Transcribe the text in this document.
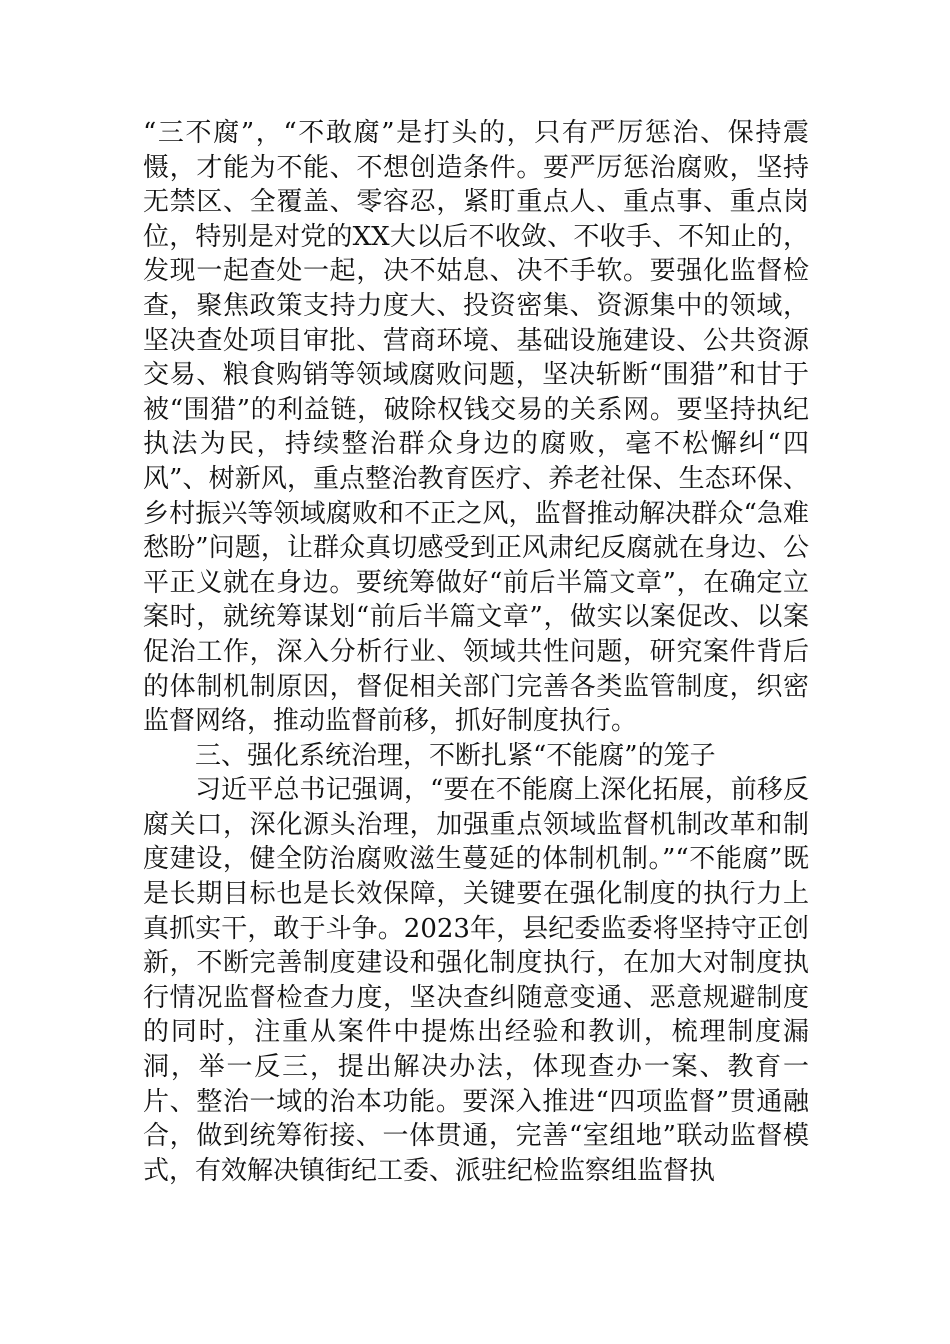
“三不腐”，“不敢腐”是打头的，只有严厉惩治、保持震慑，才能为不能、不想创造条件。要严厉惩治腐败，坚持无禁区、全覆盖、零容忍，紧盯重点人、重点事、重点岗位，特别是对党的XX大以后不收敛、不收手、不知止的，发现一起查处一起，决不姑息、决不手软。要强化监督检查，聚焦政策支持力度大、投资密集、资源集中的领域，坚决查处项目审批、营商环境、基础设施建设、公共资源交易、粮食购销等领域腐败问题，坚决斩断“围猎”和甘于被“围猎”的利益链，破除权钱交易的关系网。要坚持执纪执法为民，持续整治群众身边的腐败，毫不松懈纠“四风”、树新风，重点整治教育医疗、养老社保、生态环保、乡村振兴等领域腐败和不正之风，监督推动解决群众“急难愁盼”问题，让群众真切感受到正风肃纪反腐就在身边、公平正义就在身边。要统筹做好“前后半篇文章”，在确定立案时，就统筹谋划“前后半篇文章”，做实以案促改、以案促治工作，深入分析行业、领域共性问题，研究案件背后的体制机制原因，督促相关部门完善各类监管制度，织密监督网络，推动监督前移，抓好制度执行。

三、强化系统治理，不断扎紧“不能腐”的笼子

习近平总书记强调，“要在不能腐上深化拓展，前移反腐关口，深化源头治理，加强重点领域监督机制改革和制度建设，健全防治腐败滋生蔓延的体制机制。”“不能腐”既是长期目标也是长效保障，关键要在强化制度的执行力上真抓实干，敢于斗争。2023年，县纪委监委将坚持守正创新，不断完善制度建设和强化制度执行，在加大对制度执行情况监督检查力度，坚决查纠随意变通、恶意规避制度的同时，注重从案件中提炼出经验和教训，梳理制度漏洞，举一反三，提出解决办法，体现查办一案、教育一片、整治一域的治本功能。要深入推进“四项监督”贯通融合，做到统筹衔接、一体贯通，完善“室组地”联动监督模式，有效解决镇街纪工委、派驻纪检监察组监督执
